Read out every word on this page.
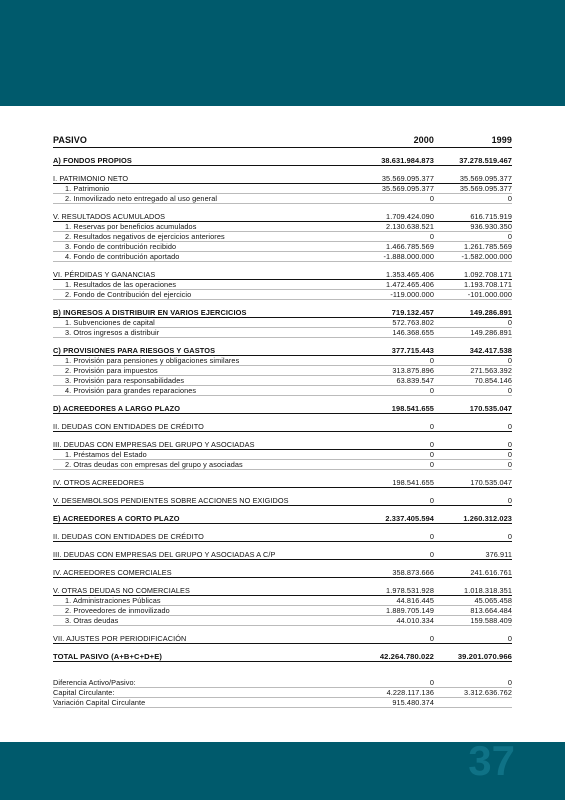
PASIVO	2000	1999

A) FONDOS PROPIOS	38.631.984.873	37.278.519.467

I. PATRIMONIO NETO	35.569.095.377	35.569.095.377
1. Patrimonio	35.569.095.377	35.569.095.377
2. Inmovilizado neto entregado al uso general	0	0

V. RESULTADOS ACUMULADOS	1.709.424.090	616.715.919
1. Reservas por beneficios acumulados	2.130.638.521	936.930.350
2. Resultados negativos de ejercicios anteriores	0	0
3. Fondo de contribución recibido	1.466.785.569	1.261.785.569
4. Fondo de contribución aportado	-1.888.000.000	-1.582.000.000

VI. PÉRDIDAS Y GANANCIAS	1.353.465.406	1.092.708.171
1. Resultados de las operaciones	1.472.465.406	1.193.708.171
2. Fondo de Contribución del ejercicio	-119.000.000	-101.000.000

B) INGRESOS A DISTRIBUIR EN VARIOS EJERCICIOS	719.132.457	149.286.891
1. Subvenciones de capital	572.763.802	0
3. Otros ingresos a distribuir	146.368.655	149.286.891

C) PROVISIONES PARA RIESGOS Y GASTOS	377.715.443	342.417.538
1. Provisión para pensiones y obligaciones similares	0	0
2. Provisión para impuestos	313.875.896	271.563.392
3. Provisión para responsabilidades	63.839.547	70.854.146
4. Provisión para grandes reparaciones	0	0

D) ACREEDORES A LARGO PLAZO	198.541.655	170.535.047

II. DEUDAS CON ENTIDADES DE CRÉDITO	0	0

III. DEUDAS CON EMPRESAS DEL GRUPO Y ASOCIADAS	0	0
1. Préstamos del Estado	0	0
2. Otras deudas con empresas del grupo y asociadas	0	0

IV. OTROS ACREEDORES	198.541.655	170.535.047

V. DESEMBOLSOS PENDIENTES SOBRE ACCIONES NO EXIGIDOS	0	0

E) ACREEDORES A CORTO PLAZO	2.337.405.594	1.260.312.023

II. DEUDAS CON ENTIDADES DE CRÉDITO	0	0

III. DEUDAS CON EMPRESAS DEL GRUPO Y ASOCIADAS A C/P	0	376.911

IV. ACREEDORES COMERCIALES	358.873.666	241.616.761

V. OTRAS DEUDAS NO COMERCIALES	1.978.531.928	1.018.318.351
1. Administraciones Públicas	44.816.445	45.065.458
2. Proveedores de inmovilizado	1.889.705.149	813.664.484
3. Otras deudas	44.010.334	159.588.409

VII. AJUSTES POR PERIODIFICACIÓN	0	0

TOTAL PASIVO (A+B+C+D+E)	42.264.780.022	39.201.070.966

Diferencia Activo/Pasivo:	0	0
Capital Circulante:	4.228.117.136	3.312.636.762
Variación Capital Circulante	915.480.374	
37
